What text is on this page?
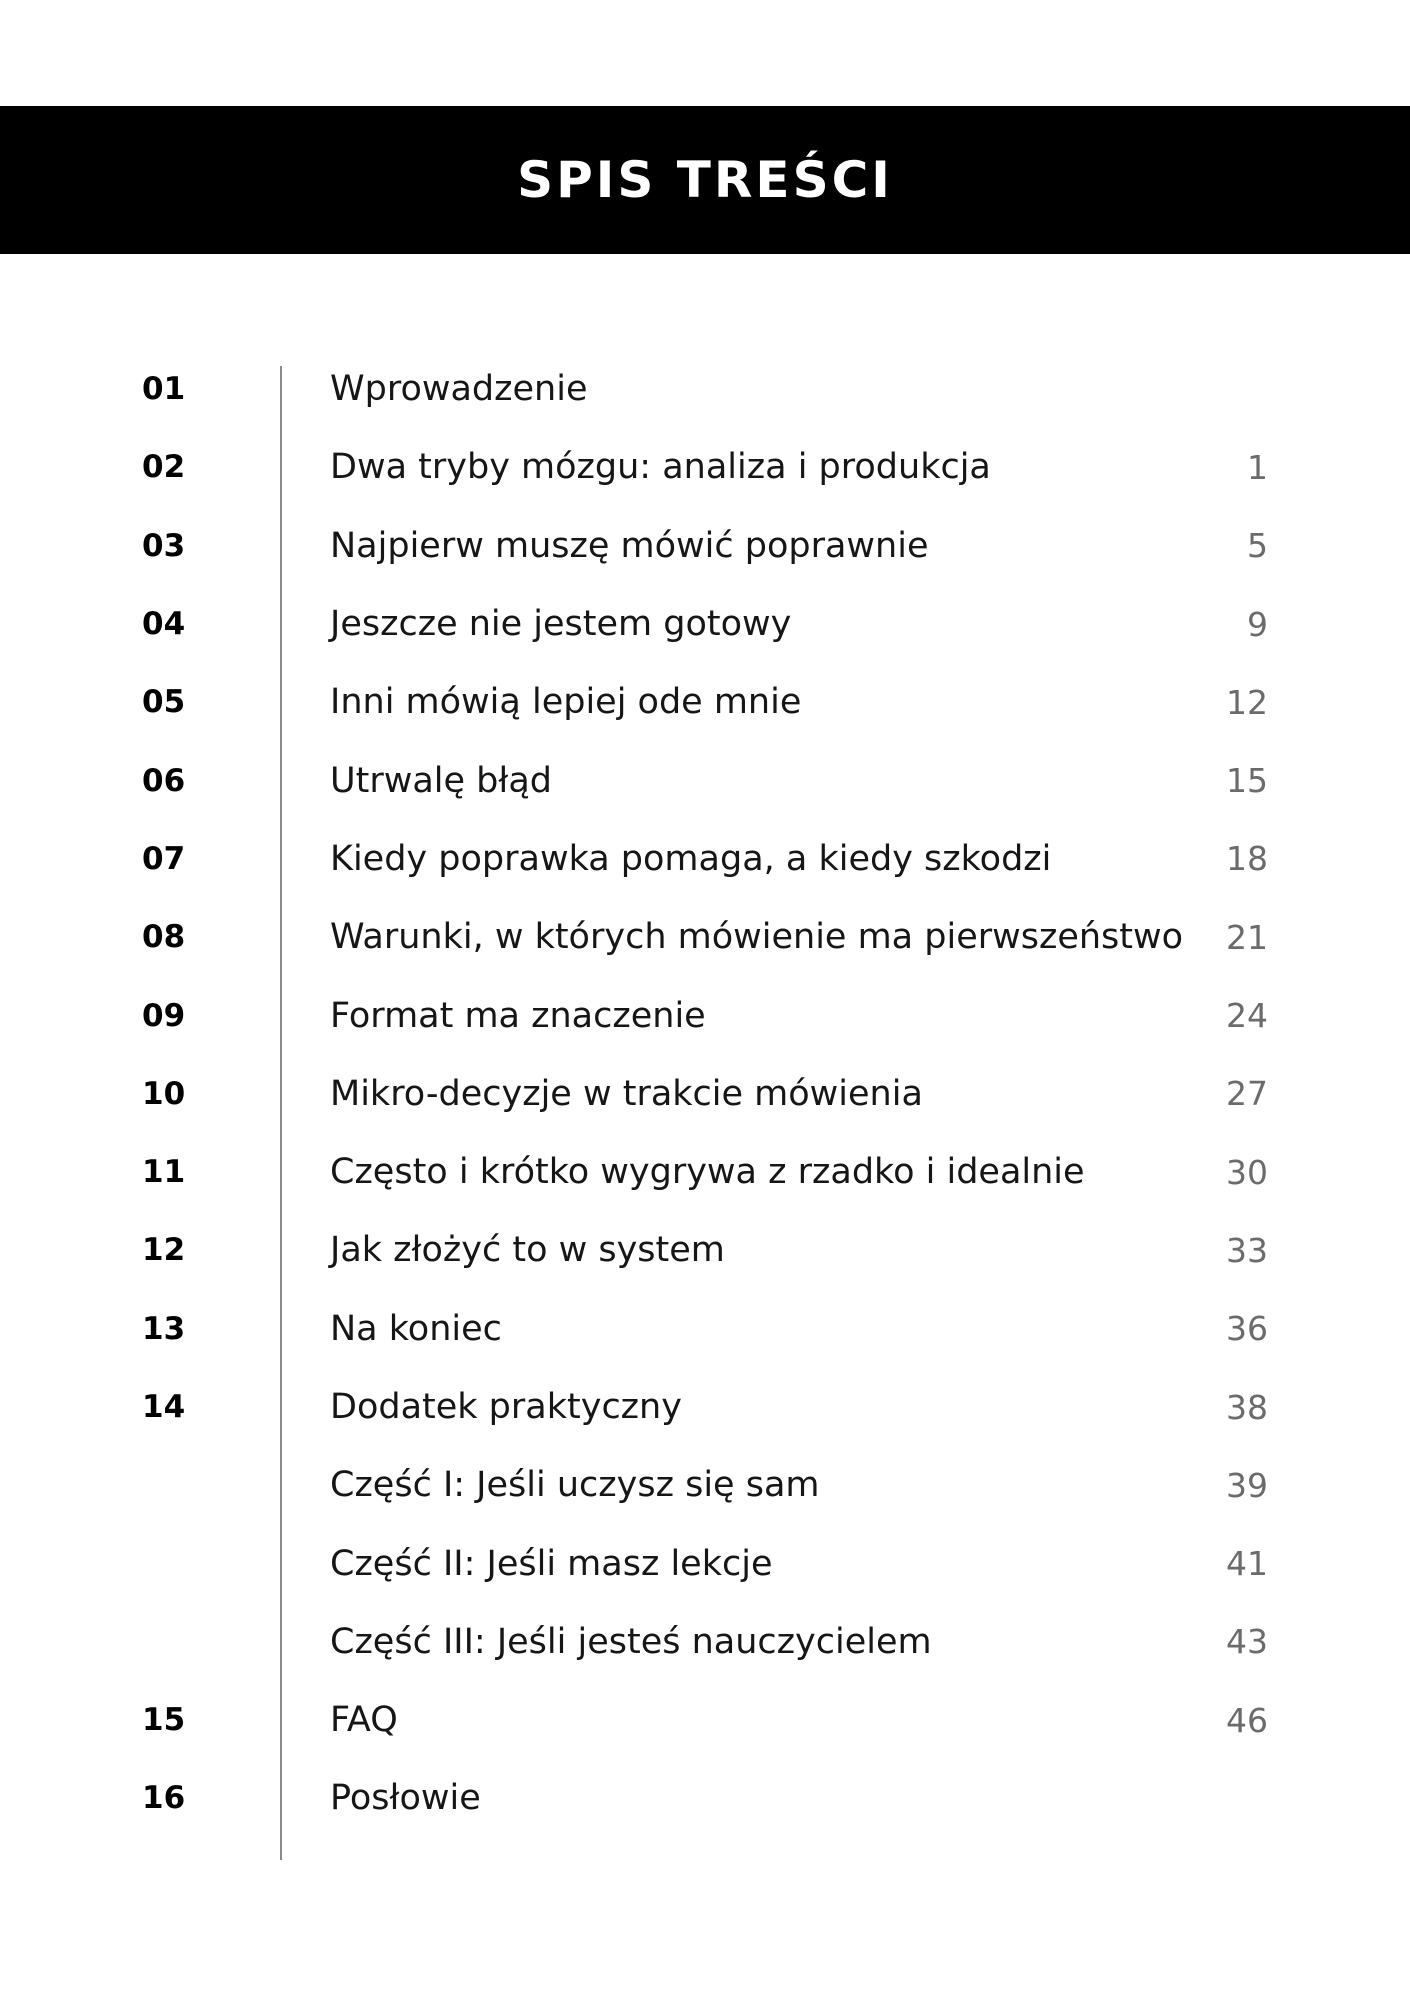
SPIS TREŚCI
01	Wprowadzenie
02	Dwa tryby mózgu: analiza i produkcja	1
03	Najpierw muszę mówić poprawnie	5
04	Jeszcze nie jestem gotowy	9
05	Inni mówią lepiej ode mnie	12
06	Utrwalę błąd	15
07	Kiedy poprawka pomaga, a kiedy szkodzi	18
08	Warunki, w których mówienie ma pierwszeństwo 21
09	Format ma znaczenie	24
10	Mikro-decyzje w trakcie mówienia	27
11	Często i krótko wygrywa z rzadko i idealnie	30
12	Jak złożyć to w system	33
13	Na koniec	36
14	Dodatek praktyczny	38
Część I: Jeśli uczysz się sam	39
Część II: Jeśli masz lekcje	41
Część III: Jeśli jesteś nauczycielem	43
15	FAQ	46
16	Posłowie
